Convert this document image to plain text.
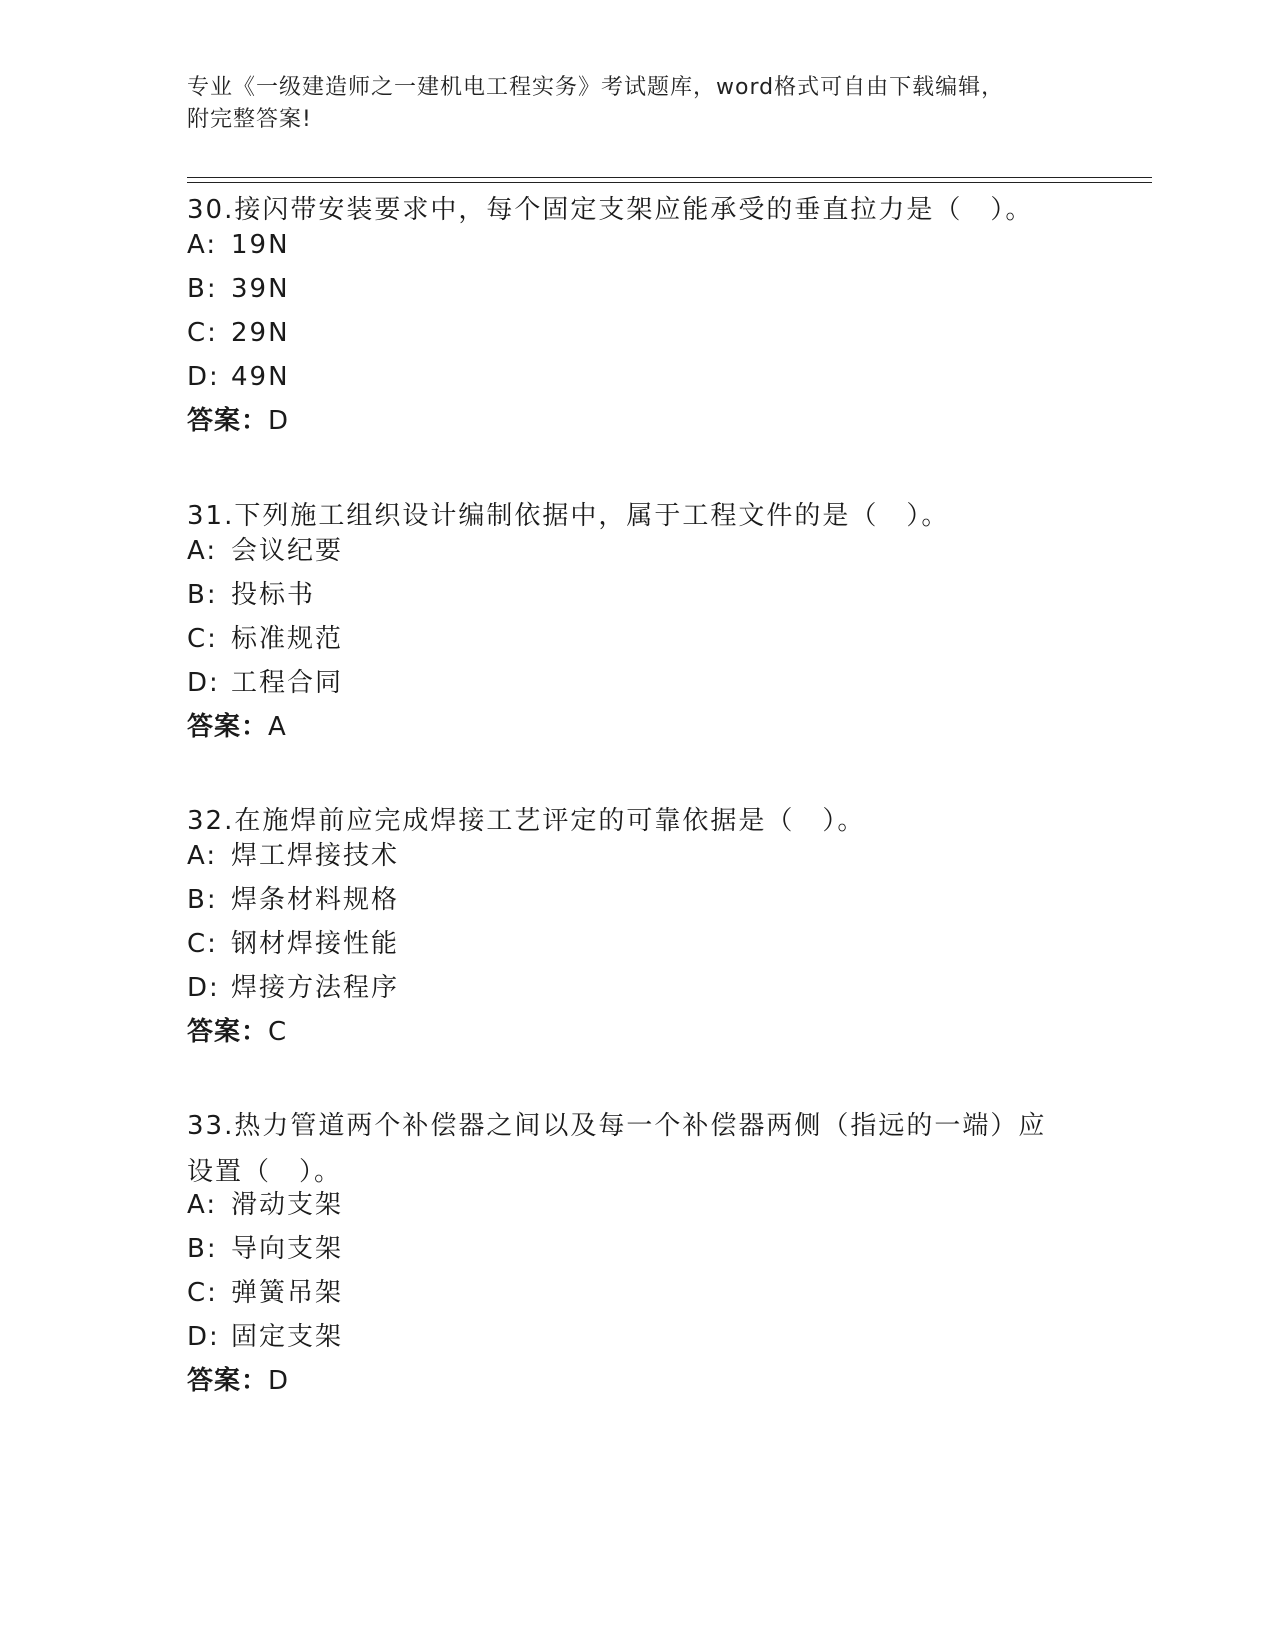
专业《一级建造师之一建机电工程实务》考试题库，word格式可自由下载编辑，
附完整答案!
30.接闪带安装要求中，每个固定支架应能承受的垂直拉力是（　）。
A: 19N
B: 39N
C: 29N
D: 49N
答案：D
31.下列施工组织设计编制依据中，属于工程文件的是（　）。
A: 会议纪要
B: 投标书
C: 标准规范
D: 工程合同
答案：A
32.在施焊前应完成焊接工艺评定的可靠依据是（　）。
A: 焊工焊接技术
B: 焊条材料规格
C: 钢材焊接性能
D: 焊接方法程序
答案：C
33.热力管道两个补偿器之间以及每一个补偿器两侧（指远的一端）应
设置（　）。
A: 滑动支架
B: 导向支架
C: 弹簧吊架
D: 固定支架
答案：D
